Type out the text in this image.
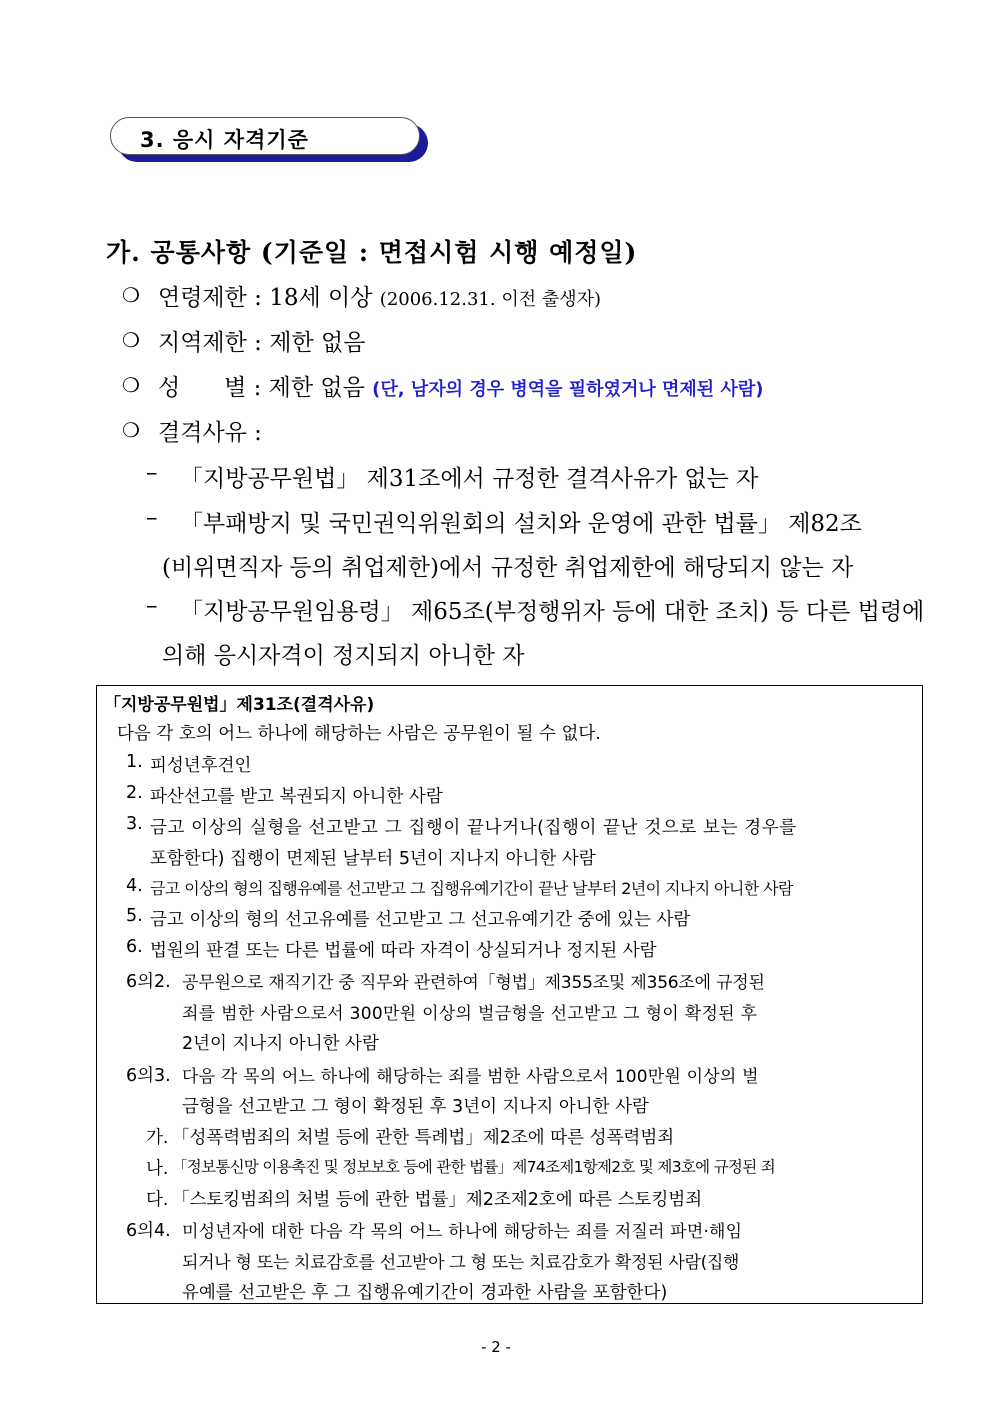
3. 응시 자격기준
가. 공통사항 (기준일 : 면접시험 시행 예정일)
❍ 연령제한 : 18세 이상 (2006.12.31. 이전 출생자)
❍ 지역제한 : 제한 없음
❍ 성      별 : 제한 없음 (단, 남자의 경우 병역을 필하였거나 면제된 사람)
❍ 결격사유 :
– 「지방공무원법」 제31조에서 규정한 결격사유가 없는 자
– 「부패방지 및 국민권익위원회의 설치와 운영에 관한 법률」 제82조
(비위면직자 등의 취업제한)에서 규정한 취업제한에 해당되지 않는 자
– 「지방공무원임용령」 제65조(부정행위자 등에 대한 조치) 등 다른 법령에
의해 응시자격이 정지되지 아니한 자
「지방공무원법」제31조(결격사유)
다음 각 호의 어느 하나에 해당하는 사람은 공무원이 될 수 없다.
1. 피성년후견인
2. 파산선고를 받고 복권되지 아니한 사람
3. 금고 이상의 실형을 선고받고 그 집행이 끝나거나(집행이 끝난 것으로 보는 경우를
포함한다) 집행이 면제된 날부터 5년이 지나지 아니한 사람
4. 금고 이상의 형의 집행유예를 선고받고 그 집행유예기간이 끝난 날부터 2년이 지나지 아니한 사람
5. 금고 이상의 형의 선고유예를 선고받고 그 선고유예기간 중에 있는 사람
6. 법원의 판결 또는 다른 법률에 따라 자격이 상실되거나 정지된 사람
6의2. 공무원으로 재직기간 중 직무와 관련하여「형법」제355조및 제356조에 규정된
죄를 범한 사람으로서 300만원 이상의 벌금형을 선고받고 그 형이 확정된 후
2년이 지나지 아니한 사람
6의3. 다음 각 목의 어느 하나에 해당하는 죄를 범한 사람으로서 100만원 이상의 벌
금형을 선고받고 그 형이 확정된 후 3년이 지나지 아니한 사람
가. 「성폭력범죄의 처벌 등에 관한 특례법」제2조에 따른 성폭력범죄
나. 「정보통신망 이용촉진 및 정보보호 등에 관한 법률」제74조제1항제2호 및 제3호에 규정된 죄
다. 「스토킹범죄의 처벌 등에 관한 법률」제2조제2호에 따른 스토킹범죄
6의4. 미성년자에 대한 다음 각 목의 어느 하나에 해당하는 죄를 저질러 파면·해임
되거나 형 또는 치료감호를 선고받아 그 형 또는 치료감호가 확정된 사람(집행
유예를 선고받은 후 그 집행유예기간이 경과한 사람을 포함한다)
- 2 -
